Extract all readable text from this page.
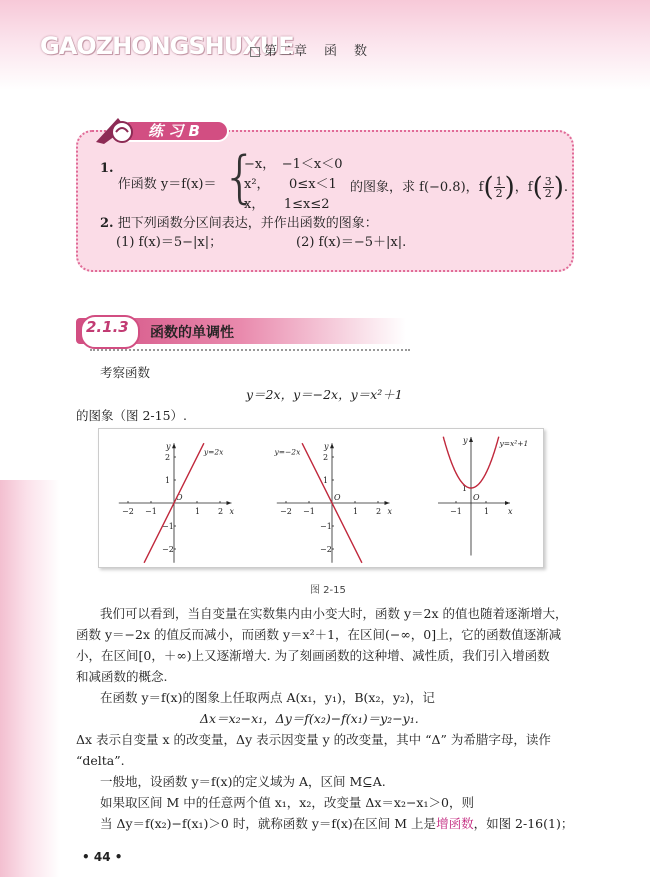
GAOZHONGSHUXUE
第二章　函　数
练 习 B
1. 作函数 y＝f(x)＝ {
−x，　−1＜x＜0
x²，　　0≤x＜1
x，　　1≤x≤2
的图象，求 f(−0.8)，$f( \frac{1}{2}$ )，$f( \frac{3}{2}$ ).
2. 把下列函数分区间表达，并作出函数的图象：
(1) f(x)＝5−|x|；	(2) f(x)＝−5＋|x|.
2.1.3 函数的单调性
考察函数
y＝2x，y＝−2x，y＝x²＋1
的图象（图 2-15）.
x
y
O
−2 −1	1 2
2
1
−1
−2
y=2x
x
y
O
−2 −1	1 2
2
1
−1
−2
y=−2x
x
y
O
−1	1
1
y=x²+1
图 2-15
我们可以看到，当自变量在实数集内由小变大时，函数 y＝2x 的值也随着逐渐增大，
函数 y＝−2x 的值反而减小，而函数 y＝x²＋1，在区间(−∞，0]上，它的函数值逐渐减
小，在区间[0，＋∞)上又逐渐增大. 为了刻画函数的这种增、减性质，我们引入增函数
和减函数的概念.
在函数 y＝f(x)的图象上任取两点 A(x₁，y₁)，B(x₂，y₂)，记
Δx＝x₂−x₁，Δy＝f(x₂)−f(x₁)＝y₂−y₁.
Δx 表示自变量 x 的改变量，Δy 表示因变量 y 的改变量，其中 “Δ” 为希腊字母，读作
“delta”.
一般地，设函数 y＝f(x)的定义域为 A，区间 M⊆A.
如果取区间 M 中的任意两个值 x₁，x₂，改变量 Δx＝x₂−x₁＞0，则
当 Δy＝f(x₂)−f(x₁)＞0 时，就称函数 y＝f(x)在区间 M 上是增函数，如图 2-16(1)；
• 44 •
